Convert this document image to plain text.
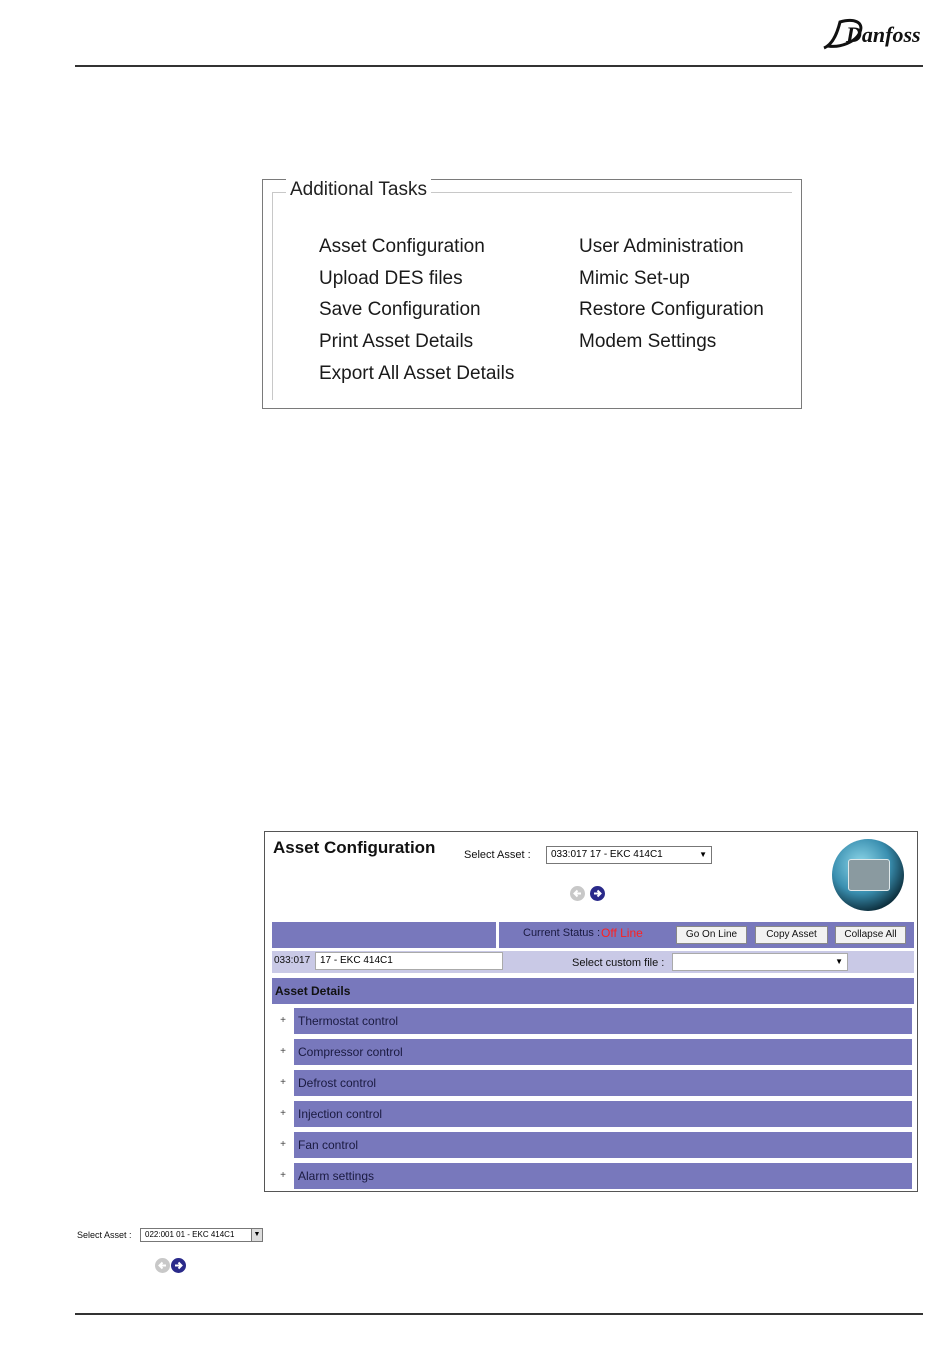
Danfoss
Additional Tasks
Asset Configuration
Upload DES files
Save Configuration
Print Asset Details
Export All Asset Details
User Administration
Mimic Set-up
Restore Configuration
Modem Settings
Asset Configuration	Select Asset :	033:017 17 - EKC 414C1	▼
Current Status : Off Line	Go On Line	Copy Asset	Collapse All
033:017 17 - EKC 414C1	Select custom file :	▼
Asset Details
+	Thermostat control
+	Compressor control
+	Defrost control
+	Injection control
+	Fan control
+	Alarm settings
Select Asset :	022:001 01 - EKC 414C1	▼
